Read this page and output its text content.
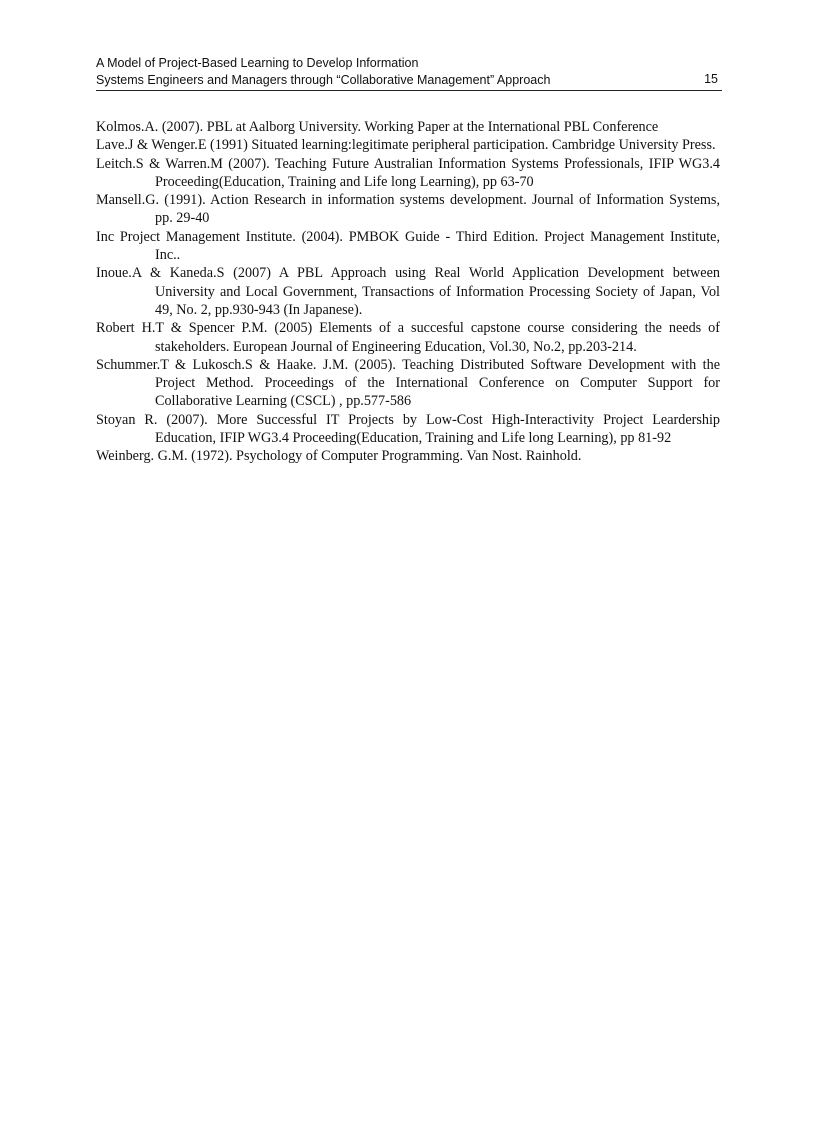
A Model of Project-Based Learning to Develop Information
Systems Engineers and Managers through “Collaborative Management” Approach	15
Kolmos.A. (2007). PBL at Aalborg University. Working Paper at the International PBL Conference
Lave.J & Wenger.E (1991) Situated learning:legitimate peripheral participation. Cambridge University Press.
Leitch.S & Warren.M (2007). Teaching Future Australian Information Systems Professionals, IFIP WG3.4 Proceeding(Education, Training and Life long Learning), pp 63-70
Mansell.G. (1991). Action Research in information systems development. Journal of Information Systems, pp. 29-40
Inc Project Management Institute. (2004). PMBOK Guide - Third Edition. Project Management Institute, Inc..
Inoue.A & Kaneda.S (2007) A PBL Approach using Real World Application Development between University and Local Government, Transactions of Information Processing Society of Japan, Vol 49, No. 2, pp.930-943 (In Japanese).
Robert H.T & Spencer P.M. (2005) Elements of a succesful capstone course considering the needs of stakeholders. European Journal of Engineering Education, Vol.30, No.2, pp.203-214.
Schummer.T & Lukosch.S & Haake. J.M. (2005). Teaching Distributed Software Development with the Project Method. Proceedings of the International Conference on Computer Support for Collaborative Learning (CSCL) , pp.577-586
Stoyan R. (2007). More Successful IT Projects by Low-Cost High-Interactivity Project Leardership Education, IFIP WG3.4 Proceeding(Education, Training and Life long Learning), pp 81-92
Weinberg. G.M. (1972). Psychology of Computer Programming. Van Nost. Rainhold.
